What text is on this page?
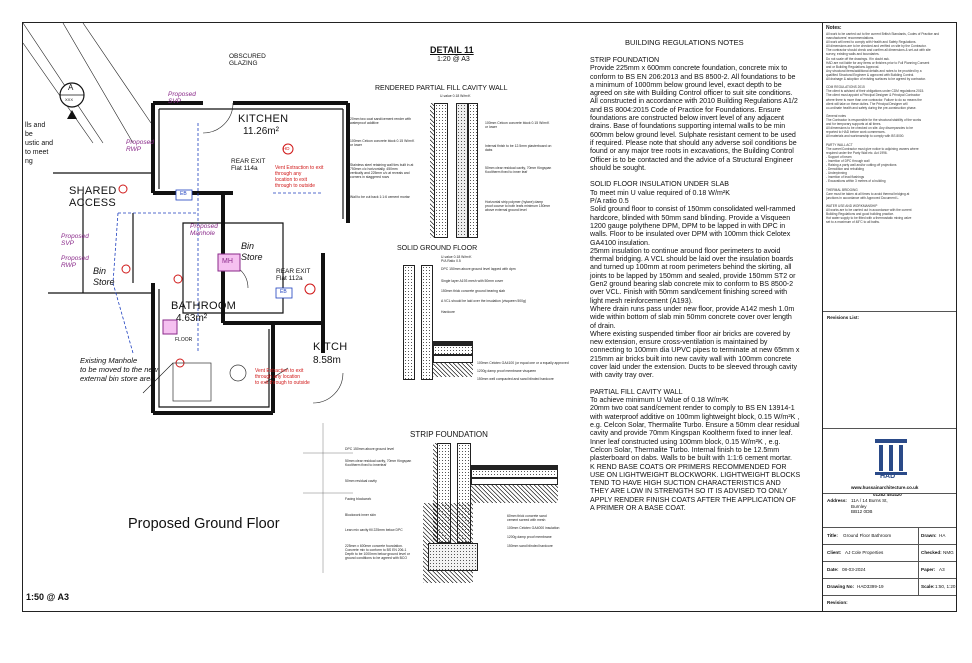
A
XXX
lls and
be
ustic and
to meet
ng
OBSCURED
GLAZING
Proposed
SVP
Proposed
RWP
KITCHEN
11.26m²
REAR EXIT
Flat 114a	Vent Extraction to exit
through any
location to exit
through to outside
HD
SHARED
ACCESS
EB
Proposed
SVP
Proposed
RWP
Proposed
Manhole
MH
Bin
Store
Bin
Store
REAR EXIT
Flat 112a
EB
BATHROOM
4.63m²
FLOOR
KITCH
8.58m
Vent Extraction to exit
through any location
to exit through to outside
Existing Manhole
to be moved to the new
external bin store area
Proposed Ground Floor
1:50 @ A3
DETAIL 11
1:20 @ A3
RENDERED PARTIAL FILL CAVITY WALL
U-value 0.18 W/m²K
20mm two coat sand/cement render with
waterproof additive
100mm Celcon concrete block 0.15 W/m²K
or lower
Stainless steel retaining wall ties built in at
750mm c/c horizontally, 450mm
vertically and 225mm c/c at reveals and
corners in staggered rows
Wall to be cut back 1:1:6 cement mortar
100mm Celcon concrete block 0.15 W/m²K
or lower
Internal finish to be 12.5mm plasterboard on
dabs
50mm clear residual cavity, 70mm Kingspan
Kooltherm fixed to inner leaf
Horizontal strip polymer (hylaxe) damp
proof course to both leafs minimum 150mm
above external ground level
SOLID GROUND FLOOR
U-value 0.18 W/m²K
P/A Ratio 0.5
DPC 150mm above ground level lapped with dpm
Single layer A193 mesh with 50mm cover
150mm thick concrete ground bearing slab
A VCL should be laid over the insulation (visqueen 500g)
Hardcore
100mm Celotex GA4100 (or equal one or a equally approved
1200g damp proof membrane visqueen
150mm well compacted and sand blinded hardcore
STRIP FOUNDATION
DPC 150mm above ground level
50mm clear residual cavity, 70mm Kingspan
Kooltherm fixed to innerleaf
50mm residual cavity
Facing blockwork
Blockwork inner skin
Lean mix cavity fill 225mm below DPC
225mm x 600mm concrete foundation.
Concrete mix to conform to BS EN 206-1
Depth to be 1000mm below ground level or
ground conditions to be agreed with BCO
60mm thick concrete sand
cement screed with mesh
100mm Celotex GA4000 insulation
1200g damp proof membrane
150mm sand blinded hardcore
BUILDING REGULATIONS NOTES
STRIP FOUNDATION
Provide 225mm x 600mm concrete foundation, concrete mix to
conform to BS EN 206:2013 and BS 8500-2. All foundations to be
a minimum of 1000mm below ground level, exact depth to be
agreed on site with Building Control officer to suit site conditions.
All constructed in accordance with 2010 Building Regulations A1/2
and BS 8004:2015 Code of Practice for Foundations. Ensure
foundations are constructed below invert level of any adjacent
drains. Base of foundations supporting internal walls to be min
600mm below ground level. Sulphate resistant cement to be used
if required. Please note that should any adverse soil conditions be
found or any major tree roots in excavations, the Building Control
Officer is to be contacted and the advice of a Structural Engineer
should be sought.

SOLID FLOOR INSULATION UNDER SLAB
To meet min U value required of 0.18 W/m²K
P/A ratio 0.5
Solid ground floor to consist of 150mm consolidated well-rammed
hardcore, blinded with 50mm sand blinding. Provide a Visqueen
1200 gauge polythene DPM, DPM to be lapped in with DPC in
walls. Floor to be insulated over DPM with 100mm thick Celotex
GA4100 insulation.
25mm insulation to continue around floor perimeters to avoid
thermal bridging. A VCL should be laid over the insulation boards
and turned up 100mm at room perimeters behind the skirting, all
joints to be lapped by 150mm and sealed, provide 150mm ST2 or
Gen2 ground bearing slab concrete mix to conform to BS 8500-2
over VCL. Finish with 50mm sand/cement finishing screed with
light mesh reinforcement (A193).
Where drain runs pass under new floor, provide A142 mesh 1.0m
wide within bottom of slab min 50mm concrete cover over length
of drain.
Where existing suspended timber floor air bricks are covered by
new extension, ensure cross-ventilation is maintained by
connecting to 100mm dia UPVC pipes to terminate at new 65mm x
215mm air bricks built into new cavity wall with 100mm concrete
cover laid under the extension. Ducts to be sleeved through cavity
with cavity tray over.

PARTIAL FILL CAVITY WALL
To achieve minimum U Value of 0.18 W/m²K
20mm two coat sand/cement render to comply to BS EN 13914-1
with waterproof additive on 100mm lightweight block, 0.15 W/m²K ,
e.g. Celcon Solar, Thermalite Turbo. Ensure a 50mm clear residual
cavity and provide 70mm Kingspan Kooltherm fixed to inner leaf.
Inner leaf constructed using 100mm block, 0.15 W/m²K , e.g.
Celcon Solar, Thermalite Turbo. Internal finish to be 12.5mm
plasterboard on dabs. Walls to be built with 1:1:6 cement mortar.
K REND BASE COATS OR PRIMERS RECOMMENDED FOR
USE ON LIGHTWEIGHT BLOCKWORK. LIGHTWEIGHT BLOCKS
TEND TO HAVE HIGH SUCTION CHARACTERISTICS AND
THEY ARE LOW IN STRENGTH SO IT IS ADVISED TO ONLY
APPLY RENDER FINISH COATS AFTER THE APPLICATION OF
A PRIMER OR A BASE COAT.
Notes:
All work to be carried out to the current British Standards, Codes of Practice and
manufacturers' recommendations.
All work will need to comply with Health and Safety Regulations.
All dimensions are to be checked and verified on site by the Contractor.
The contractor should check and confirm all dimensions & set-out with site
survey, existing walls and boundaries.
Do not scale off the drawings. If in doubt ask.
HAD are not liable for any items or finishes prior to Full Planning Consent
and or Building Regulations Approval.
Any structural items/additional details and notes to be provided by a
qualified Structural Engineer & approved with Building Control.
All drainage & adoption of existing surfaces to be agreed by contractor.

CDM REGULATIONS 2015
The client is advised of their obligations under CDM regulations 2015.
The client must appoint a Principal Designer & Principal Contractor
where there is more than one contractor. Failure to do so means the
client will take on these duties. The Principal Designer will
co-ordinate health and safety during the pre-construction phase.

General notes
The Contractor is responsible for the structural stability of the works
and for temporary supports at all times.
All dimensions to be checked on site. Any discrepancies to be
reported to HAD before work commences.
All materials and workmanship to comply with BS 8000.

PARTY WALL ACT
The owner/Contractor must give notice to adjoining owners where
required under the Party Wall etc. Act 1996.
- Support of beam
- Insertion of DPC through wall
- Raising a party wall and/or cutting off projections
- Demolition and rebuilding
- Underpinning
- Insertion of lead flashings
- Excavations within 3 metres of a building

THERMAL BRIDGING
Care must be taken at all times to avoid thermal bridging at
junctions in accordance with Approved Document L.

WATER USE AND WORKMANSHIP
All works are to be carried out in accordance with the current
Building Regulations and good building practice.
Hot water supply to be fitted with a thermostatic mixing valve
set to a maximum of 48°C to all baths.
Revisions List:
HAD
www.hussainarchitecture.co.uk
01282 451420
Address: 11A / 14 Burns St,
Burnley
BB12 0DB
Title: Ground Floor Bathroom	Drawn: HA
Client: AJ Cole Properties	Checked: NMG
Date: 08-03-2024	Paper: A3
Drawing No: HAD3399-19	Scale: 1:50, 1:20
Revision:
